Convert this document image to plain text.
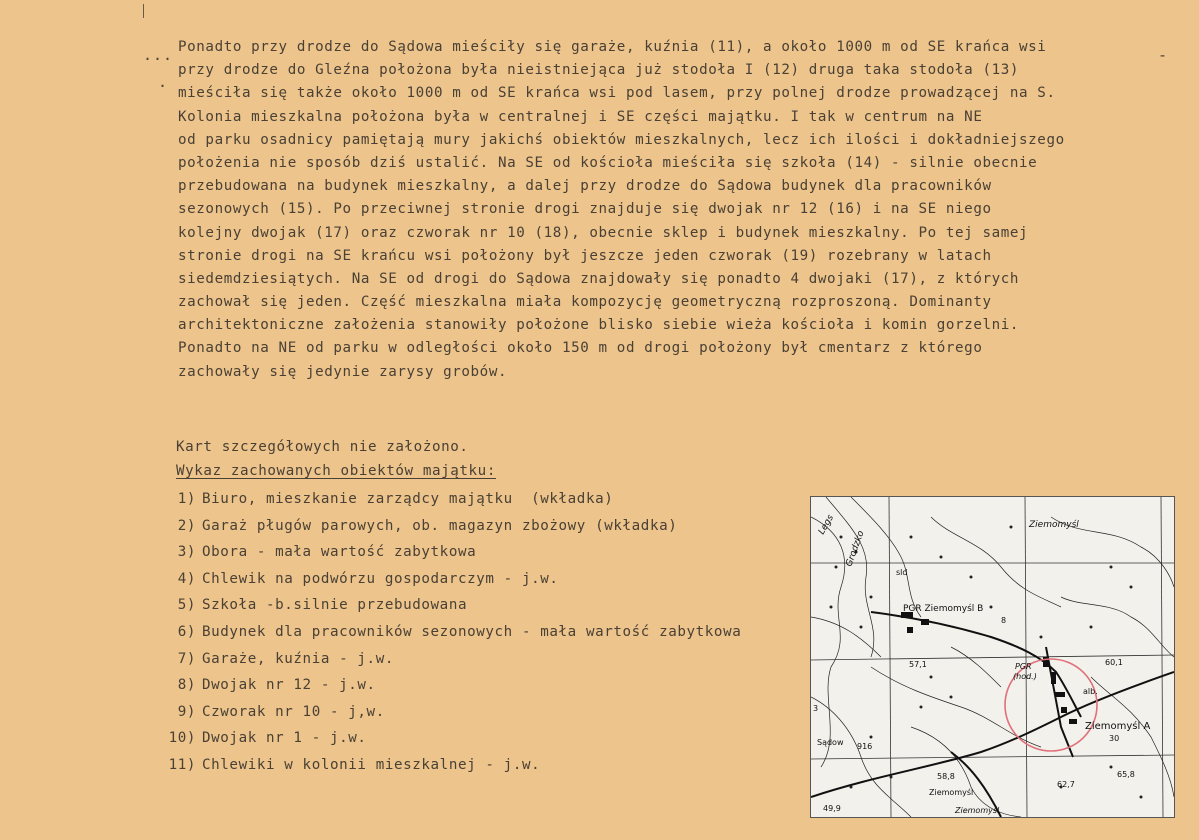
...	-
.
Ponadto przy drodze do Sądowa mieściły się garaże, kuźnia (11), a około 1000 m od SE krańca wsi
przy drodze do Gleźna położona była nieistniejąca już stodoła I (12) druga taka stodoła (13)
mieściła się także około 1000 m od SE krańca wsi pod lasem, przy polnej drodze prowadzącej na S.
Kolonia mieszkalna położona była w centralnej i SE części majątku. I tak w centrum na NE
od parku osadnicy pamiętają mury jakichś obiektów mieszkalnych, lecz ich ilości i dokładniejszego
położenia nie sposób dziś ustalić. Na SE od kościoła mieściła się szkoła (14) - silnie obecnie
przebudowana na budynek mieszkalny, a dalej przy drodze do Sądowa budynek dla pracowników
sezonowych (15). Po przeciwnej stronie drogi znajduje się dwojak nr 12 (16) i na SE niego
kolejny dwojak (17) oraz czworak nr 10 (18), obecnie sklep i budynek mieszkalny. Po tej samej
stronie drogi na SE krańcu wsi położony był jeszcze jeden czworak (19) rozebrany w latach
siedemdziesiątych. Na SE od drogi do Sądowa znajdowały się ponadto 4 dwojaki (17), z których
zachował się jeden. Część mieszkalna miała kompozycję geometryczną rozproszoną. Dominanty
architektoniczne założenia stanowiły położone blisko siebie wieża kościoła i komin gorzelni.
Ponadto na NE od parku w odległości około 150 m od drogi położony był cmentarz z którego
zachowały się jedynie zarysy grobów.
Kart szczegółowych nie założono.
Wykaz zachowanych obiektów majątku:
1) Biuro, mieszkanie zarządcy majątku  (wkładka)
2) Garaż pługów parowych, ob. magazyn zbożowy (wkładka)
3) Obora - mała wartość zabytkowa
4) Chlewik na podwórzu gospodarczym - j.w.
5) Szkoła -b.silnie przebudowana
6) Budynek dla pracowników sezonowych - mała wartość zabytkowa
7) Garaże, kuźnia - j.w.
8) Dwojak nr 12 - j.w.
9) Czworak nr 10 - j,w.
10) Dwojak nr 1 - j.w.
11) Chlewiki w kolonii mieszkalnej - j.w.
Legs
Grodzko
Ziemomyśl
sld
PGR Ziemomyśl B
8
57,1	PGR
(hod.)
60,1
alb.
Ziemomyśl A
30
3
Sądow 916
58,8
Ziemomyśl
62,7
65,8
49,9	Ziemomyśl
